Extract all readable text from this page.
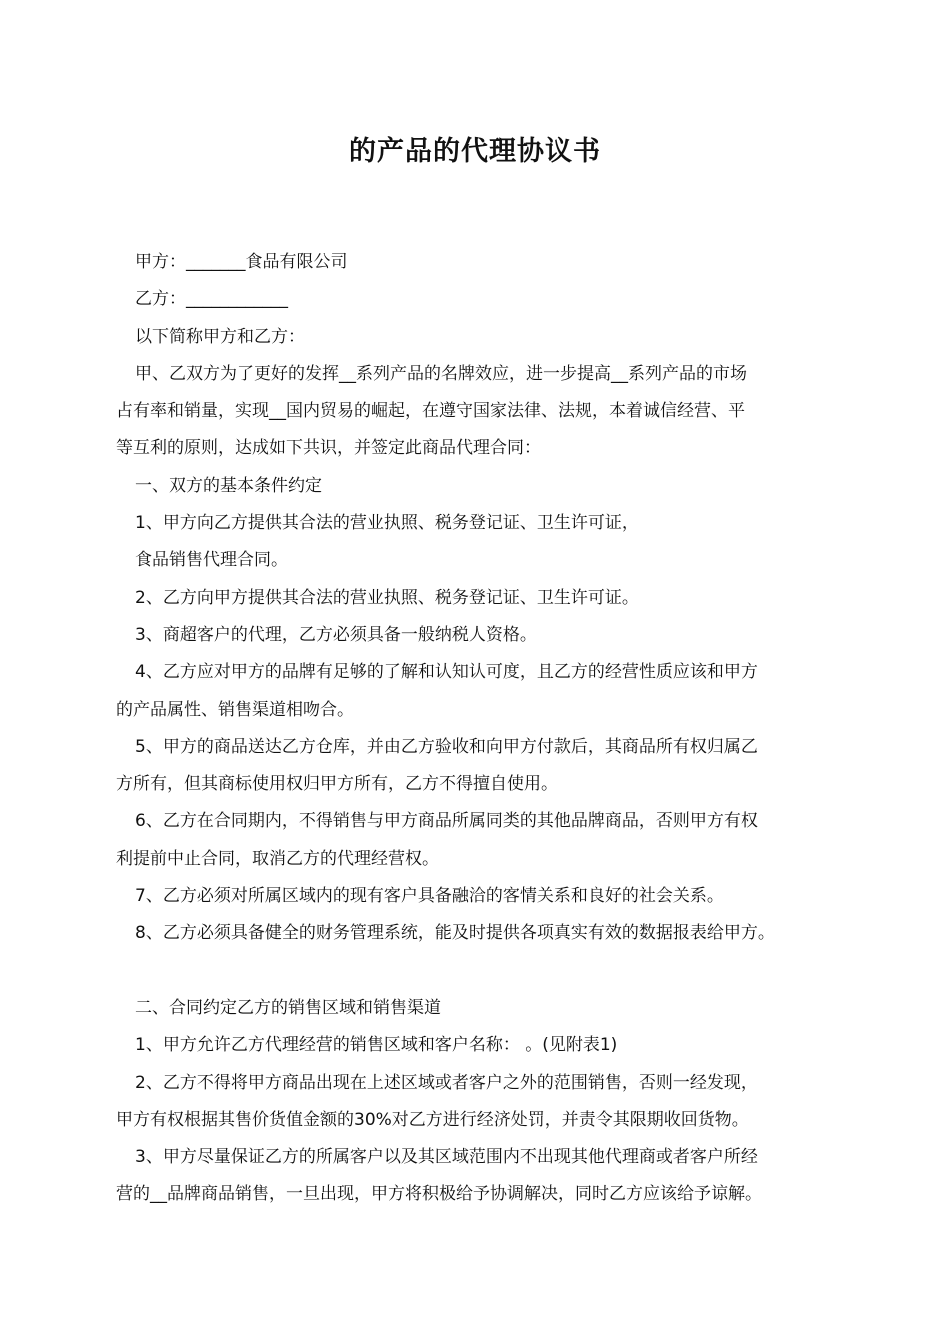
的产品的代理协议书

甲方：_______食品有限公司

乙方：____________

以下简称甲方和乙方：

甲、乙双方为了更好的发挥__系列产品的名牌效应，进一步提高__系列产品的市场

占有率和销量，实现__国内贸易的崛起，在遵守国家法律、法规，本着诚信经营、平

等互利的原则，达成如下共识，并签定此商品代理合同：

一、双方的基本条件约定

1、甲方向乙方提供其合法的营业执照、税务登记证、卫生许可证，

食品销售代理合同。

2、乙方向甲方提供其合法的营业执照、税务登记证、卫生许可证。

3、商超客户的代理，乙方必须具备一般纳税人资格。

4、乙方应对甲方的品牌有足够的了解和认知认可度，且乙方的经营性质应该和甲方

的产品属性、销售渠道相吻合。

5、甲方的商品送达乙方仓库，并由乙方验收和向甲方付款后，其商品所有权归属乙

方所有，但其商标使用权归甲方所有，乙方不得擅自使用。

6、乙方在合同期内，不得销售与甲方商品所属同类的其他品牌商品，否则甲方有权

利提前中止合同，取消乙方的代理经营权。

7、乙方必须对所属区域内的现有客户具备融洽的客情关系和良好的社会关系。

8、乙方必须具备健全的财务管理系统，能及时提供各项真实有效的数据报表给甲方。

二、合同约定乙方的销售区域和销售渠道

1、甲方允许乙方代理经营的销售区域和客户名称： 。(见附表1)

2、乙方不得将甲方商品出现在上述区域或者客户之外的范围销售，否则一经发现，

甲方有权根据其售价货值金额的30%对乙方进行经济处罚，并责令其限期收回货物。

3、甲方尽量保证乙方的所属客户以及其区域范围内不出现其他代理商或者客户所经

营的__品牌商品销售，一旦出现，甲方将积极给予协调解决，同时乙方应该给予谅解。
